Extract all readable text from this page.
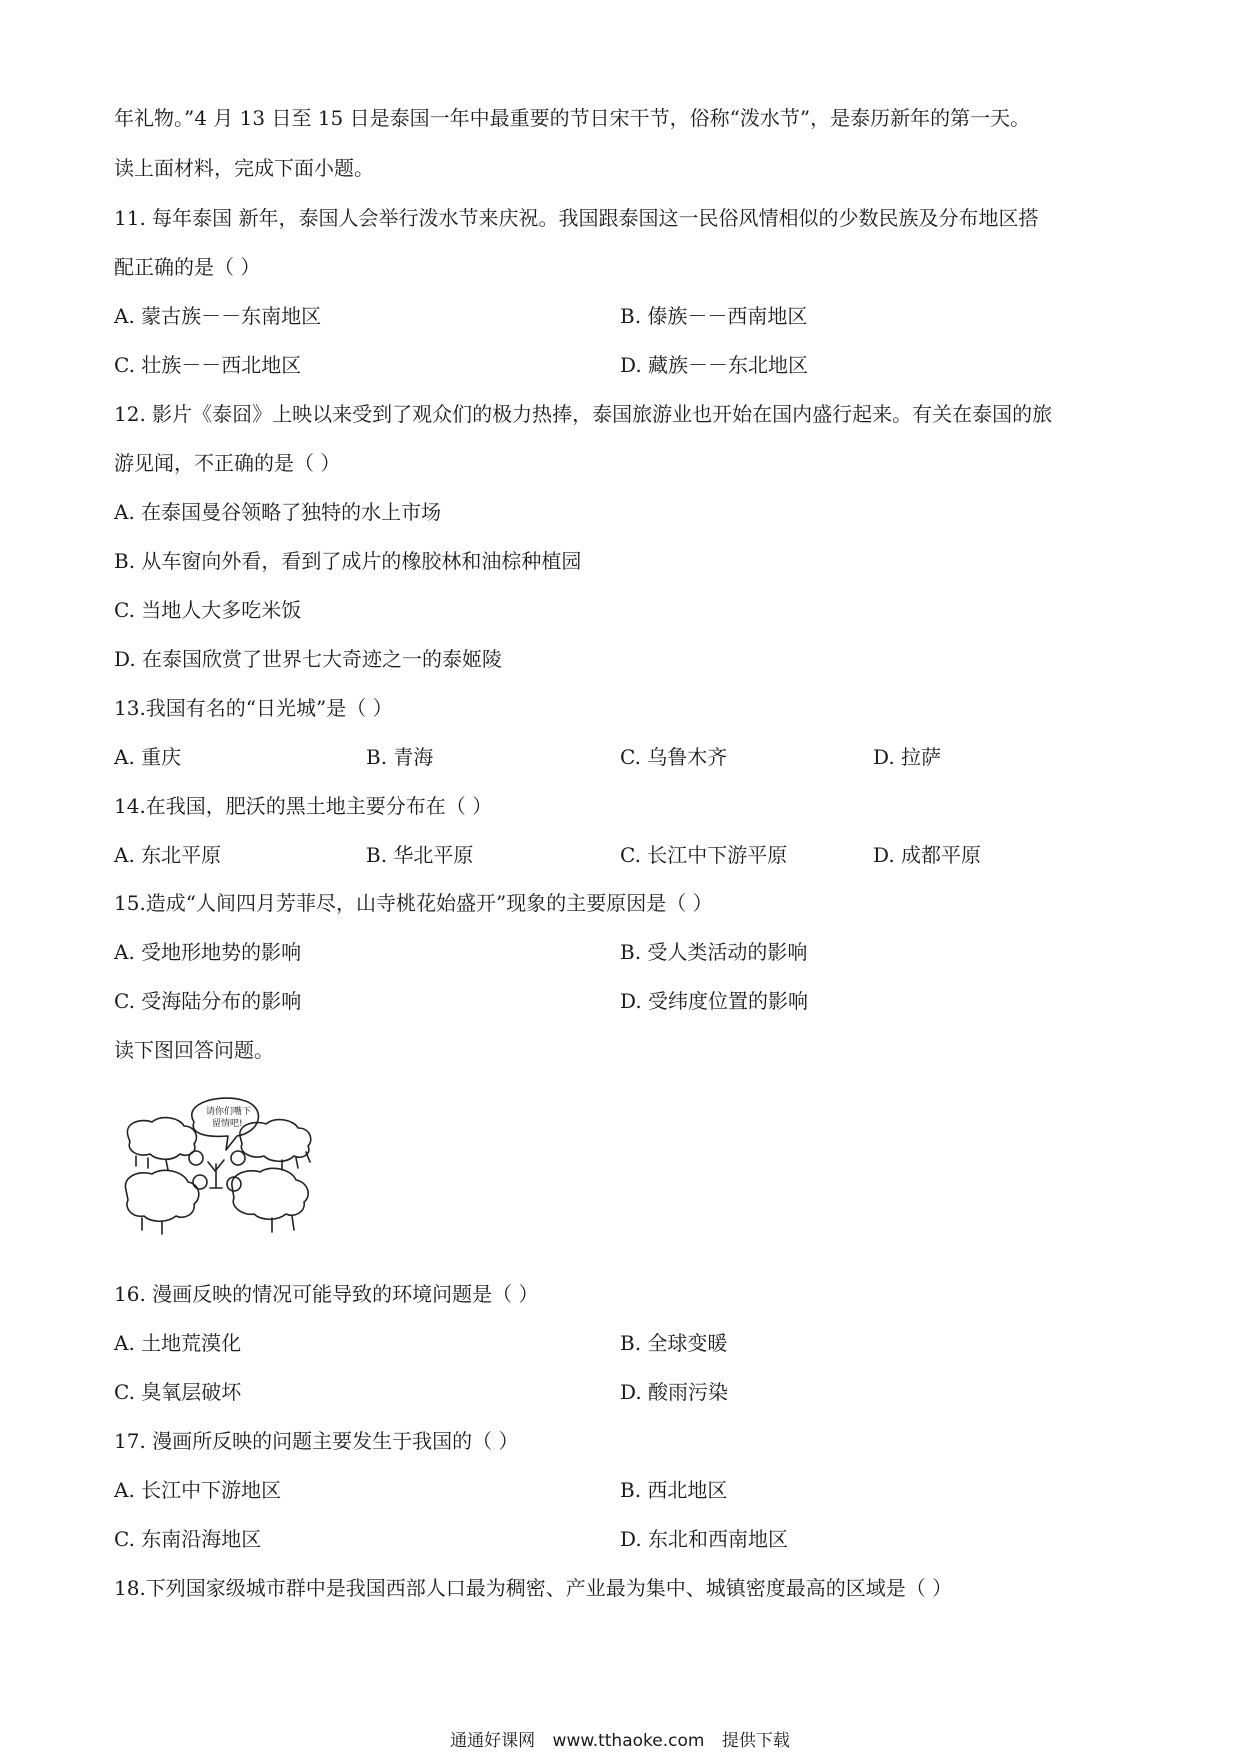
年礼物。”4 月 13 日至 15 日是泰国一年中最重要的节日宋干节，俗称“泼水节”，是泰历新年的第一天。
读上面材料，完成下面小题。
11. 每年泰国 新年，泰国人会举行泼水节来庆祝。我国跟泰国这一民俗风情相似的少数民族及分布地区搭
配正确的是（ ）
A. 蒙古族－－东南地区	B. 傣族－－西南地区
C. 壮族－－西北地区	D. 藏族－－东北地区
12. 影片《泰囧》上映以来受到了观众们的极力热捧，泰国旅游业也开始在国内盛行起来。有关在泰国的旅
游见闻，不正确的是（ ）
A. 在泰国曼谷领略了独特的水上市场
B. 从车窗向外看，看到了成片的橡胶林和油棕种植园
C. 当地人大多吃米饭
D. 在泰国欣赏了世界七大奇迹之一的泰姬陵
13.我国有名的“日光城”是（ ）
A. 重庆	B. 青海	C. 乌鲁木齐	D. 拉萨
14.在我国，肥沃的黑土地主要分布在（ ）
A. 东北平原	B. 华北平原	C. 长江中下游平原	D. 成都平原
15.造成“人间四月芳菲尽，山寺桃花始盛开”现象的主要原因是（ ）
A. 受地形地势的影响	B. 受人类活动的影响
C. 受海陆分布的影响	D. 受纬度位置的影响
读下图回答问题。
请你们嘴下
留情吧!
16. 漫画反映的情况可能导致的环境问题是（ ）
A. 土地荒漠化	B. 全球变暖
C. 臭氧层破坏	D. 酸雨污染
17. 漫画所反映的问题主要发生于我国的（ ）
A. 长江中下游地区	B. 西北地区
C. 东南沿海地区	D. 东北和西南地区
18.下列国家级城市群中是我国西部人口最为稠密、产业最为集中、城镇密度最高的区域是（ ）
通通好课网 www.tthaoke.com 提供下载
